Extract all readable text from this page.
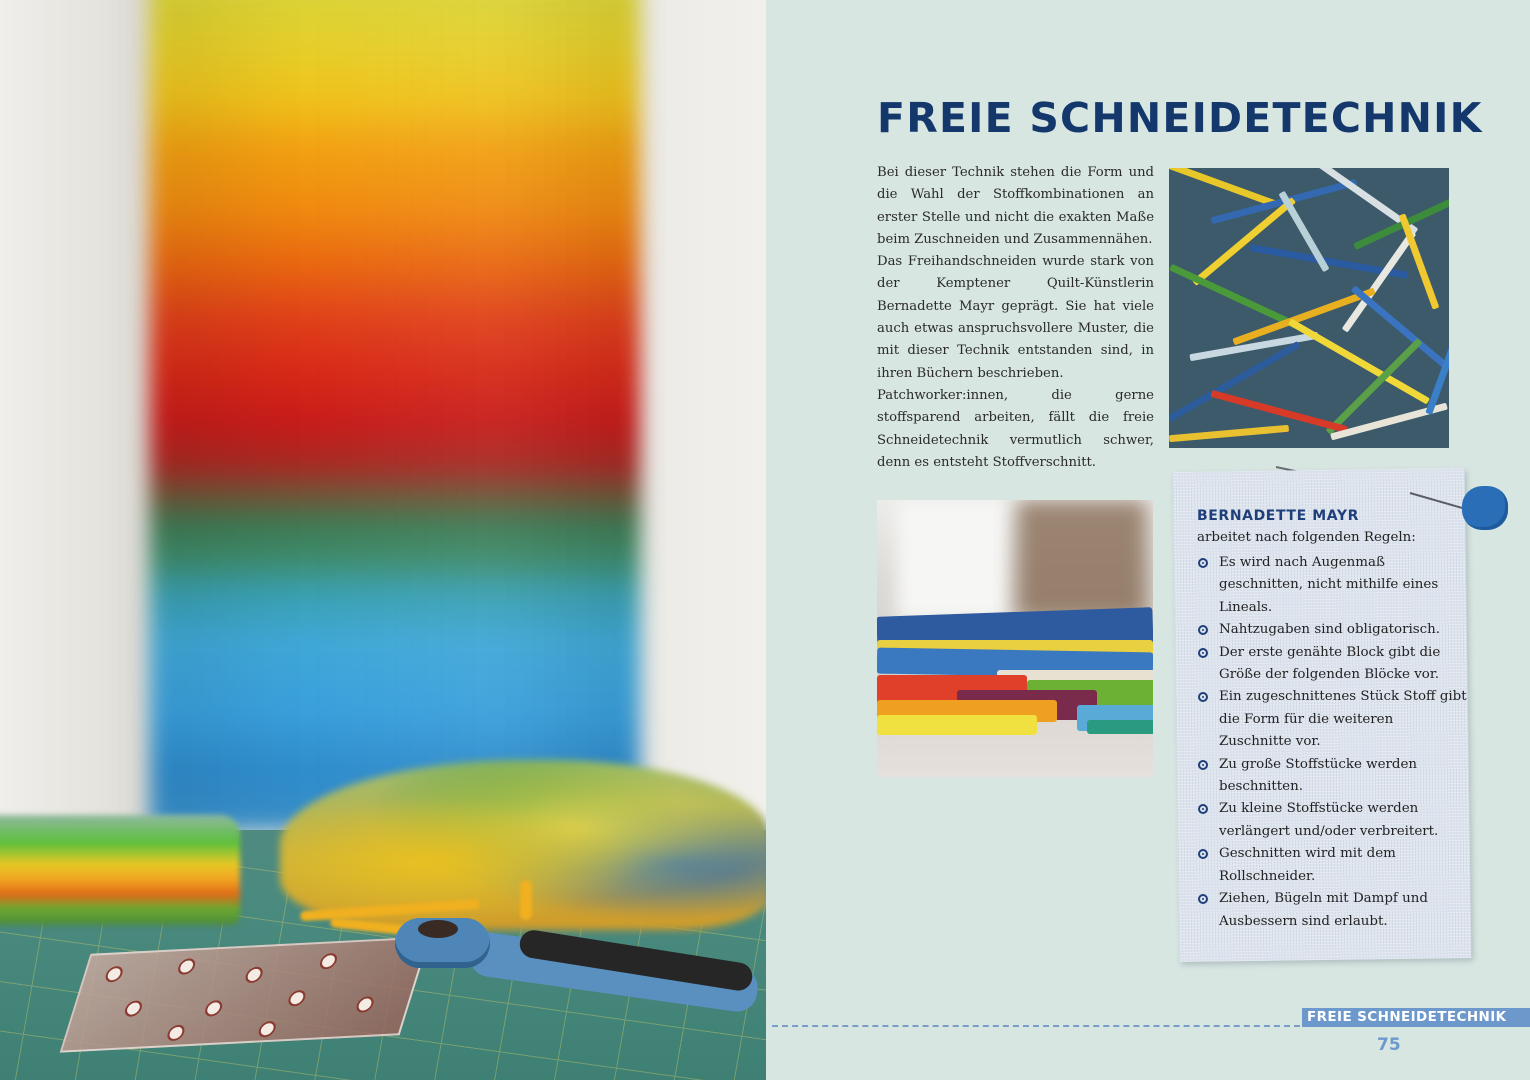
FREIE SCHNEIDETECHNIK

Bei dieser Technik stehen die Form und die Wahl der Stoffkombinationen an erster Stelle und nicht die exakten Maße beim Zuschneiden und Zusammennähen.

Das Freihandschneiden wurde stark von der Kemptener Quilt-Künstlerin Bernadette Mayr geprägt. Sie hat viele auch etwas anspruchsvollere Muster, die mit dieser Technik entstanden sind, in ihren Büchern beschrieben.

Patchworker:innen, die gerne stoffsparend arbeiten, fällt die freie Schneidetechnik vermutlich schwer, denn es entsteht Stoffverschnitt.

BERNADETTE MAYR
arbeitet nach folgenden Regeln:
Es wird nach Augenmaß geschnitten, nicht mithilfe eines Lineals.
Nahtzugaben sind obligatorisch.
Der erste genähte Block gibt die Größe der folgenden Blöcke vor.
Ein zugeschnittenes Stück Stoff gibt die Form für die weiteren Zuschnitte vor.
Zu große Stoffstücke werden beschnitten.
Zu kleine Stoffstücke werden verlängert und/oder verbreitert.
Geschnitten wird mit dem Rollschneider.
Ziehen, Bügeln mit Dampf und Ausbessern sind erlaubt.
FREIE SCHNEIDETECHNIK
75
